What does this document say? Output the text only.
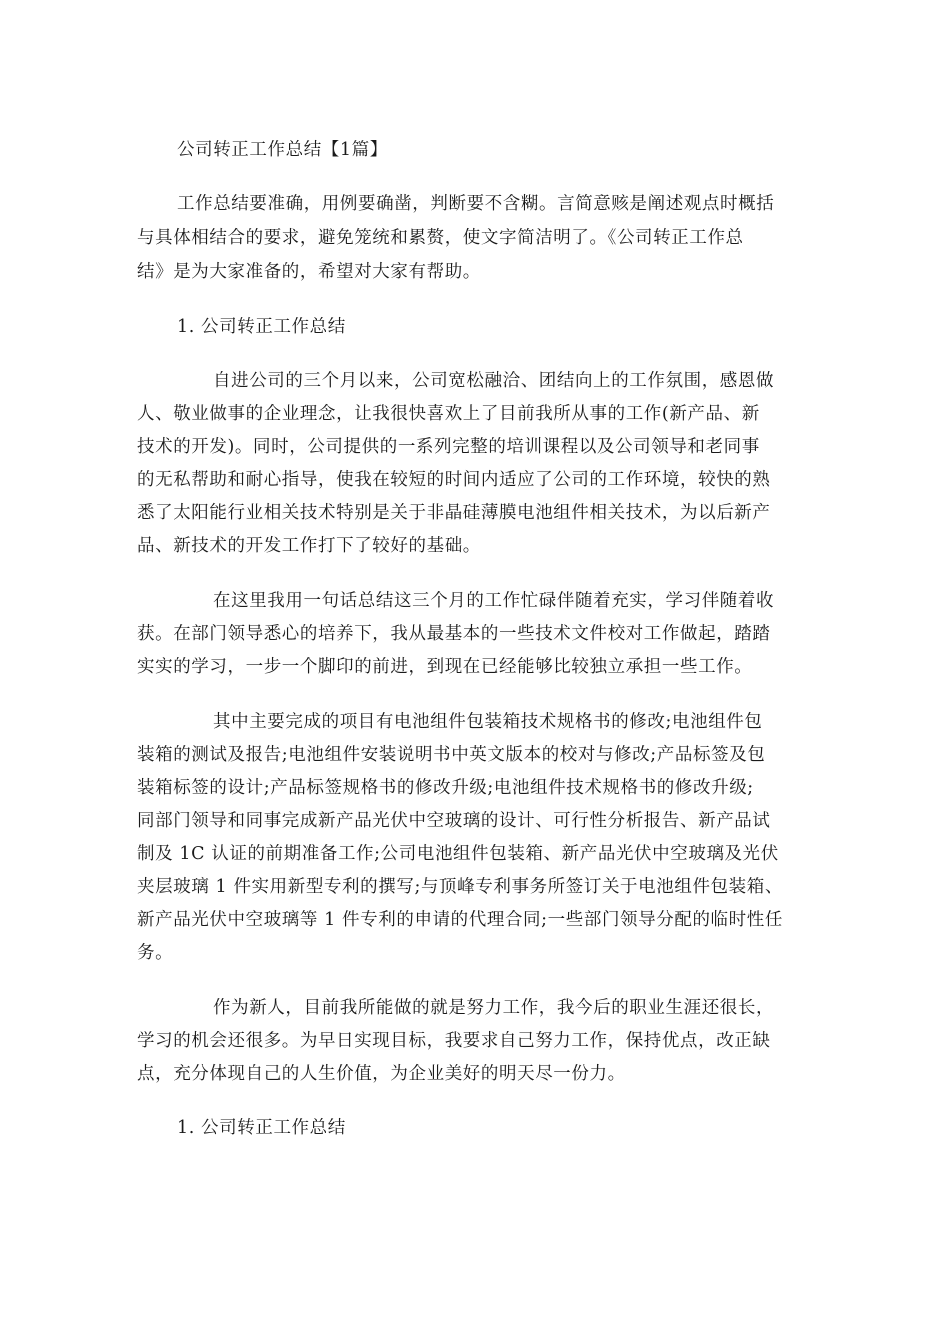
公司转正工作总结【1篇】
工作总结要准确，用例要确凿，判断要不含糊。言简意赅是阐述观点时概括
与具体相结合的要求，避免笼统和累赘，使文字简洁明了。《公司转正工作总
结》是为大家准备的，希望对大家有帮助。
1. 公司转正工作总结
自进公司的三个月以来，公司宽松融洽、团结向上的工作氛围，感恩做
人、敬业做事的企业理念，让我很快喜欢上了目前我所从事的工作(新产品、新
技术的开发)。同时，公司提供的一系列完整的培训课程以及公司领导和老同事
的无私帮助和耐心指导，使我在较短的时间内适应了公司的工作环境，较快的熟
悉了太阳能行业相关技术特别是关于非晶硅薄膜电池组件相关技术，为以后新产
品、新技术的开发工作打下了较好的基础。
在这里我用一句话总结这三个月的工作忙碌伴随着充实，学习伴随着收
获。在部门领导悉心的培养下，我从最基本的一些技术文件校对工作做起，踏踏
实实的学习，一步一个脚印的前进，到现在已经能够比较独立承担一些工作。
其中主要完成的项目有电池组件包装箱技术规格书的修改;电池组件包
装箱的测试及报告;电池组件安装说明书中英文版本的校对与修改;产品标签及包
装箱标签的设计;产品标签规格书的修改升级;电池组件技术规格书的修改升级;
同部门领导和同事完成新产品光伏中空玻璃的设计、可行性分析报告、新产品试
制及 1C 认证的前期准备工作;公司电池组件包装箱、新产品光伏中空玻璃及光伏
夹层玻璃 1 件实用新型专利的撰写;与顶峰专利事务所签订关于电池组件包装箱、
新产品光伏中空玻璃等 1 件专利的申请的代理合同;一些部门领导分配的临时性任
务。
作为新人，目前我所能做的就是努力工作，我今后的职业生涯还很长，
学习的机会还很多。为早日实现目标，我要求自己努力工作，保持优点，改正缺
点，充分体现自己的人生价值，为企业美好的明天尽一份力。
1. 公司转正工作总结
